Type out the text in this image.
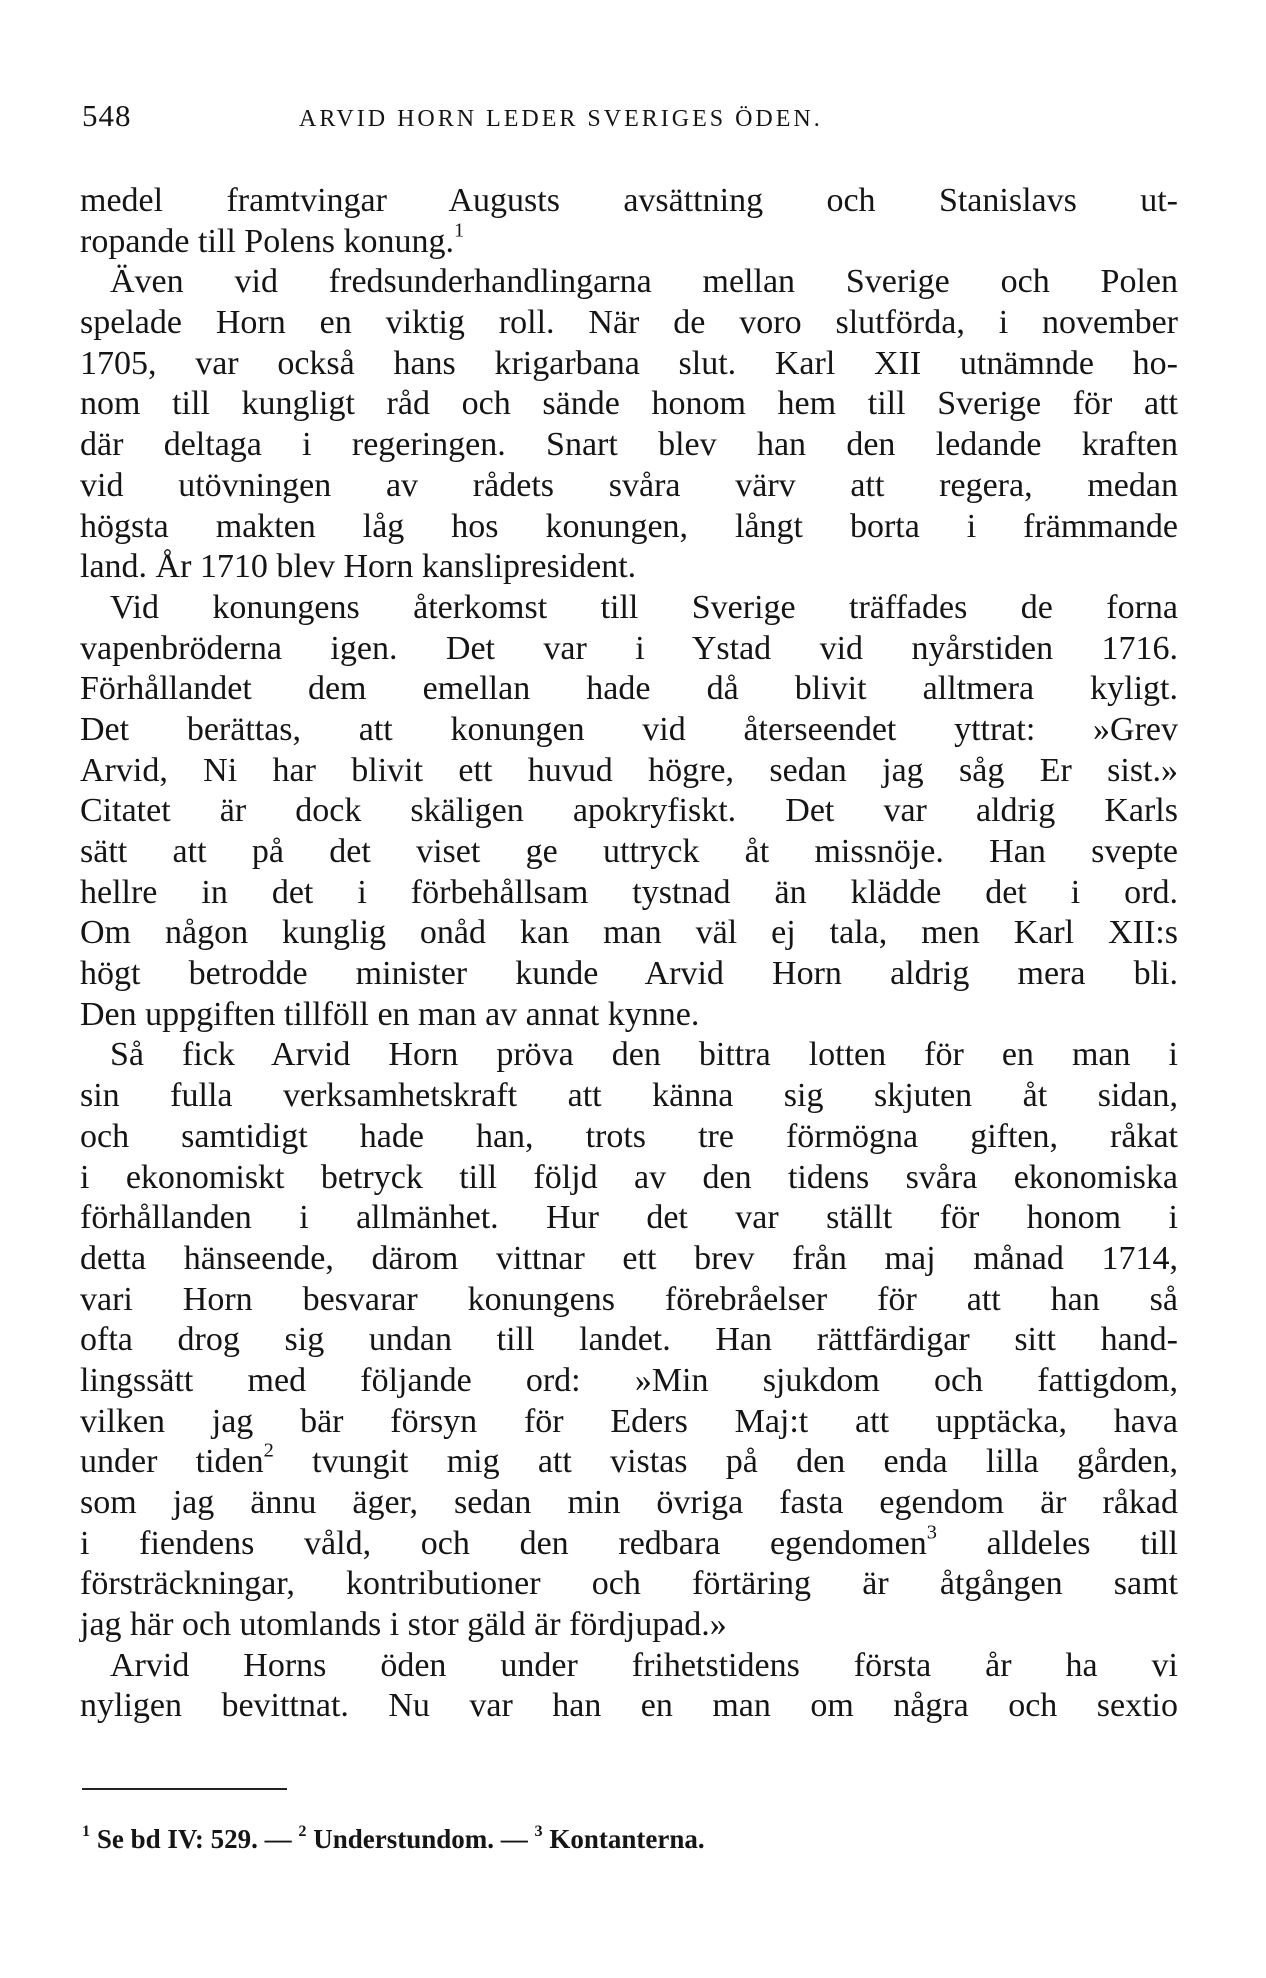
548	ARVID HORN LEDER SVERIGES ÖDEN.
medel framtvingar Augusts avsättning och Stanislavs ut-
ropande till Polens konung.$^1$
Även vid fredsunderhandlingarna mellan Sverige och Polen
spelade Horn en viktig roll. När de voro slutförda, i november
1705, var också hans krigarbana slut. Karl XII utnämnde ho-
nom till kungligt råd och sände honom hem till Sverige för att
där deltaga i regeringen. Snart blev han den ledande kraften
vid utövningen av rådets svåra värv att regera, medan
högsta makten låg hos konungen, långt borta i främmande
land. År 1710 blev Horn kanslipresident.
Vid konungens återkomst till Sverige träffades de forna
vapenbröderna igen. Det var i Ystad vid nyårstiden 1716.
Förhållandet dem emellan hade då blivit alltmera kyligt.
Det berättas, att konungen vid återseendet yttrat: »Grev
Arvid, Ni har blivit ett huvud högre, sedan jag såg Er sist.»
Citatet är dock skäligen apokryfiskt. Det var aldrig Karls
sätt att på det viset ge uttryck åt missnöje. Han svepte
hellre in det i förbehållsam tystnad än klädde det i ord.
Om någon kunglig onåd kan man väl ej tala, men Karl XII:s
högt betrodde minister kunde Arvid Horn aldrig mera bli.
Den uppgiften tillföll en man av annat kynne.
Så fick Arvid Horn pröva den bittra lotten för en man i
sin fulla verksamhetskraft att känna sig skjuten åt sidan,
och samtidigt hade han, trots tre förmögna giften, råkat
i ekonomiskt betryck till följd av den tidens svåra ekonomiska
förhållanden i allmänhet. Hur det var ställt för honom i
detta hänseende, därom vittnar ett brev från maj månad 1714,
vari Horn besvarar konungens förebråelser för att han så
ofta drog sig undan till landet. Han rättfärdigar sitt hand-
lingssätt med följande ord: »Min sjukdom och fattigdom,
vilken jag bär försyn för Eders Maj:t att upptäcka, hava
under tiden$^2$ tvungit mig att vistas på den enda lilla gården,
som jag ännu äger, sedan min övriga fasta egendom är råkad
i fiendens våld, och den redbara egendomen$^3$ alldeles till
försträckningar, kontributioner och förtäring är åtgången samt
jag här och utomlands i stor gäld är fördjupad.»
Arvid Horns öden under frihetstidens första år ha vi
nyligen bevittnat. Nu var han en man om några och sextio
$^1$ Se bd IV: 529. — $^2$ Understundom. — $^3$ Kontanterna.
